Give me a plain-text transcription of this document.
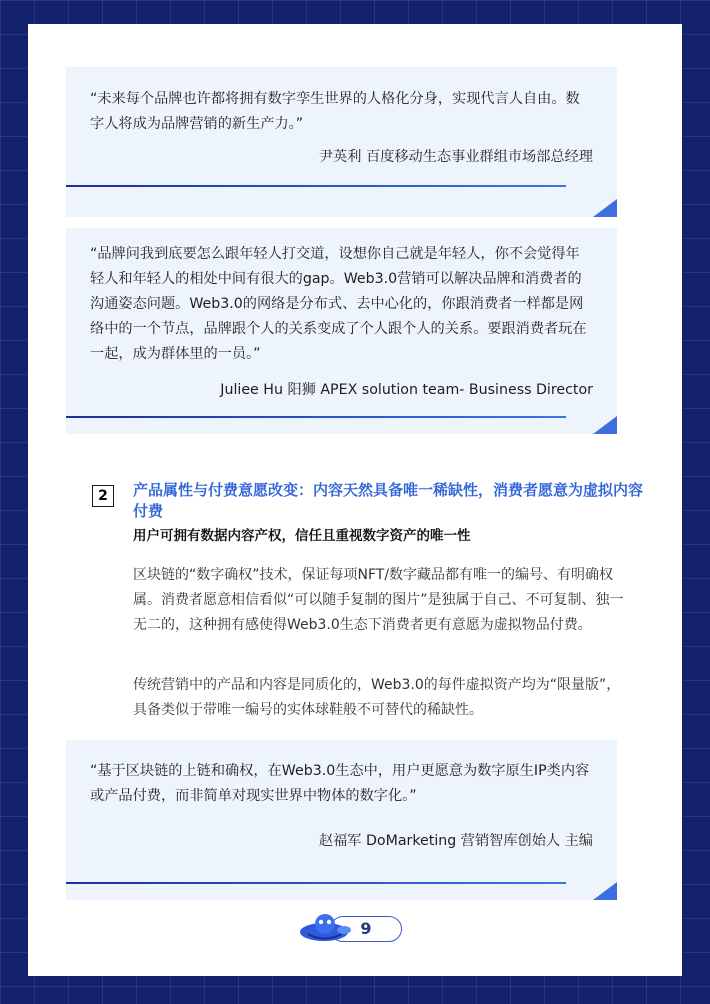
“未来每个品牌也许都将拥有数字孪生世界的人格化分身，实现代言人自由。数字人将成为品牌营销的新生产力。”
尹英利 百度移动生态事业群组市场部总经理
“品牌问我到底要怎么跟年轻人打交道，设想你自己就是年轻人，你不会觉得年轻人和年轻人的相处中间有很大的gap。Web3.0营销可以解决品牌和消费者的沟通姿态问题。Web3.0的网络是分布式、去中心化的，你跟消费者一样都是网络中的一个节点，品牌跟个人的关系变成了个人跟个人的关系。要跟消费者玩在一起，成为群体里的一员。”
Juliee Hu 阳狮 APEX solution team- Business Director
2	产品属性与付费意愿改变：内容天然具备唯一稀缺性，消费者愿意为虚拟内容付费
用户可拥有数据内容产权，信任且重视数字资产的唯一性
区块链的“数字确权”技术，保证每项NFT/数字藏品都有唯一的编号、有明确权属。消费者愿意相信看似“可以随手复制的图片”是独属于自己、不可复制、独一无二的，这种拥有感使得Web3.0生态下消费者更有意愿为虚拟物品付费。
传统营销中的产品和内容是同质化的，Web3.0的每件虚拟资产均为“限量版”，具备类似于带唯一编号的实体球鞋般不可替代的稀缺性。
“基于区块链的上链和确权，在Web3.0生态中，用户更愿意为数字原生IP类内容或产品付费，而非简单对现实世界中物体的数字化。”
赵福军 DoMarketing 营销智库创始人 主编
9
